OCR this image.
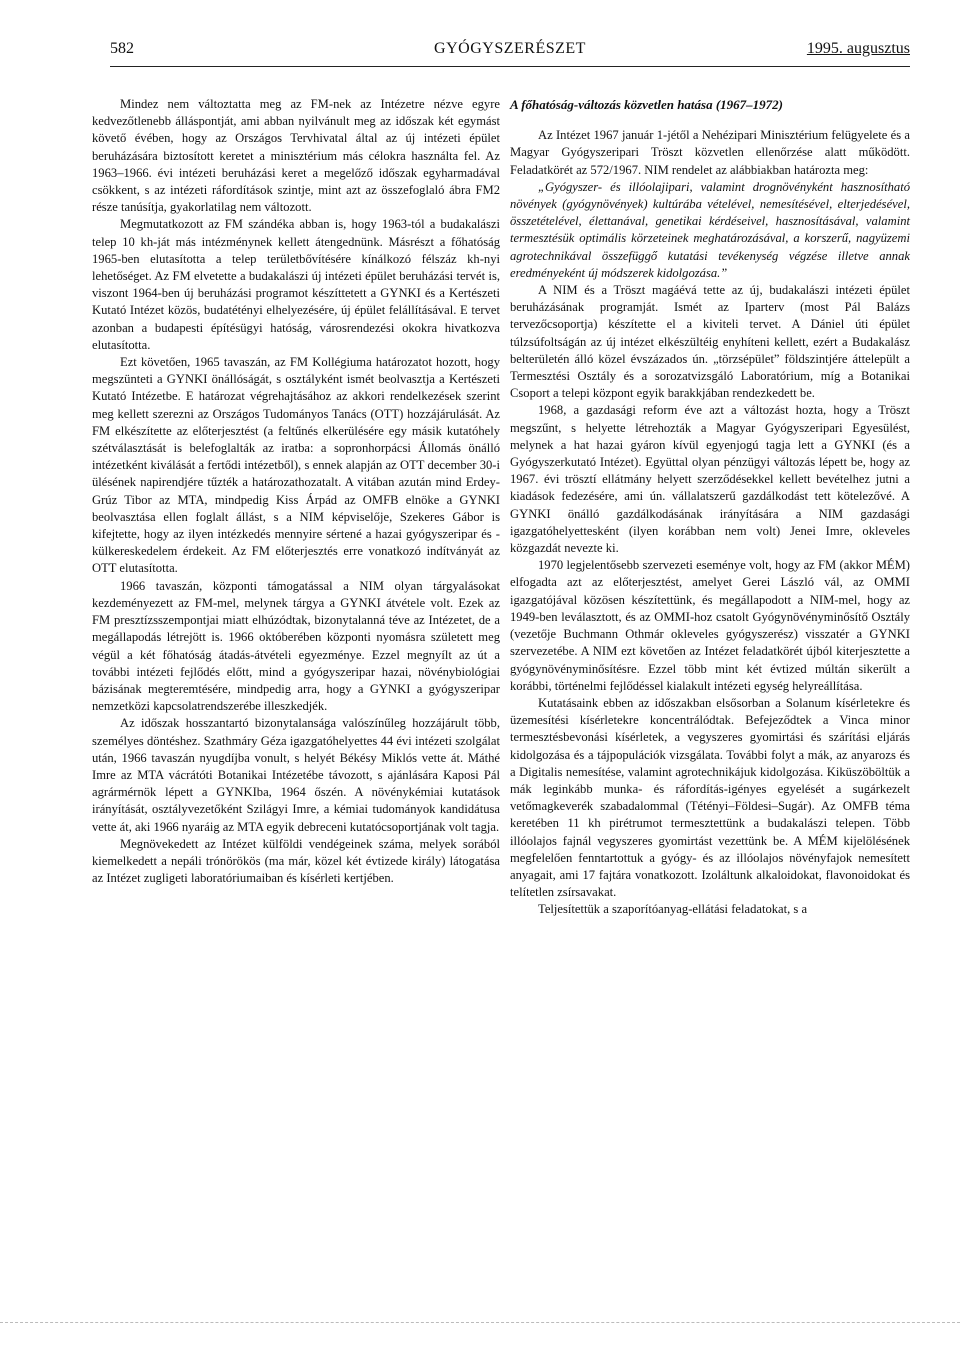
582	GYÓGYSZERÉSZET	1995. augusztus

Mindez nem változtatta meg az FM-nek az Intézetre nézve egyre kedvezőtlenebb álláspontját, ami abban nyilvánult meg az időszak két egymást követő évében, hogy az Országos Tervhivatal által az új intézeti épület beruházására biztosított keretet a minisztérium más célokra használta fel. Az 1963–1966. évi intézeti beruházási keret a megelőző időszak egyharmadával csökkent, s az intézeti ráfordítások szintje, mint azt az összefoglaló ábra FM2 része tanúsítja, gyakorlatilag nem változott.

Megmutatkozott az FM szándéka abban is, hogy 1963-tól a budakalászi telep 10 kh-ját más intézménynek kellett átengednünk. Másrészt a főhatóság 1965-ben elutasította a telep területbővítésére kínálkozó félszáz kh-nyi lehetőséget. Az FM elvetette a budakalászi új intézeti épület beruházási tervét is, viszont 1964-ben új beruházási programot készíttetett a GYNKI és a Kertészeti Kutató Intézet közös, budatétényi elhelyezésére, új épület felállításával. E tervet azonban a budapesti építésügyi hatóság, városrendezési okokra hivatkozva elutasította.

Ezt követően, 1965 tavaszán, az FM Kollégiuma határozatot hozott, hogy megszünteti a GYNKI önállóságát, s osztályként ismét beolvasztja a Kertészeti Kutató Intézetbe. E határozat végrehajtásához az akkori rendelkezések szerint meg kellett szerezni az Országos Tudományos Tanács (OTT) hozzájárulását. Az FM elkészítette az előterjesztést (a feltűnés elkerülésére egy másik kutatóhely szétválasztását is belefoglalták az iratba: a sopronhorpácsi Állomás önálló intézetként kiválását a fertődi intézetből), s ennek alapján az OTT december 30-i ülésének napirendjére tűzték a határozathozatalt. A vitában azután mind Erdey-Grúz Tibor az MTA, mindpedig Kiss Árpád az OMFB elnöke a GYNKI beolvasztása ellen foglalt állást, s a NIM képviselője, Szekeres Gábor is kifejtette, hogy az ilyen intézkedés mennyire sértené a hazai gyógyszeripar és -külkereskedelem érdekeit. Az FM előterjesztés erre vonatkozó indítványát az OTT elutasította.

1966 tavaszán, központi támogatással a NIM olyan tárgyalásokat kezdeményezett az FM-mel, melynek tárgya a GYNKI átvétele volt. Ezek az FM presztízsszempontjai miatt elhúzódtak, bizonytalanná téve az Intézetet, de a megállapodás létrejött is. 1966 októberében központi nyomásra született meg végül a két főhatóság átadás-átvételi egyezménye. Ezzel megnyílt az út a további intézeti fejlődés előtt, mind a gyógyszeripar hazai, növénybiológiai bázisának megteremtésére, mindpedig arra, hogy a GYNKI a gyógyszeripar nemzetközi kapcsolatrendszerébe illeszkedjék.

Az időszak hosszantartó bizonytalansága valószínűleg hozzájárult több, személyes döntéshez. Szathmáry Géza igazgatóhelyettes 44 évi intézeti szolgálat után, 1966 tavaszán nyugdíjba vonult, s helyét Békésy Miklós vette át. Máthé Imre az MTA vácrátóti Botanikai Intézetébe távozott, s ajánlására Kaposi Pál agrármérnök lépett a GYNKIba, 1964 őszén. A növénykémiai kutatások irányítását, osztályvezetőként Szilágyi Imre, a kémiai tudományok kandidátusa vette át, aki 1966 nyaráig az MTA egyik debreceni kutatócsoportjának volt tagja.

Megnövekedett az Intézet külföldi vendégeinek száma, melyek sorából kiemelkedett a nepáli trónörökös (ma már, közel két évtizede király) látogatása az Intézet zugligeti laboratóriumaiban és kísérleti kertjében.

A főhatóság-változás közvetlen hatása (1967–1972)

Az Intézet 1967 január 1-jétől a Nehézipari Minisztérium felügyelete és a Magyar Gyógyszeripari Tröszt közvetlen ellenőrzése alatt működött. Feladatkörét az 572/1967. NIM rendelet az alábbiakban határozta meg:

„Gyógyszer- és illóolajipari, valamint drognövényként hasznosítható növények (gyógynövények) kultúrába vételével, nemesítésével, elterjedésével, összetételével, élettanával, genetikai kérdéseivel, hasznosításával, valamint termesztésük optimális körzeteinek meghatározásával, a korszerű, nagyüzemi agrotechnikával összefüggő kutatási tevékenység végzése illetve annak eredményeként új módszerek kidolgozása.”

A NIM és a Tröszt magáévá tette az új, budakalászi intézeti épület beruházásának programját. Ismét az Iparterv (most Pál Balázs tervezőcsoportja) készítette el a kiviteli tervet. A Dániel úti épület túlzsúfoltságán az új intézet elkészültéig enyhíteni kellett, ezért a Budakalász belterületén álló közel évszázados ún. „törzsépület” földszintjére áttelepült a Termesztési Osztály és a sorozatvizsgáló Laboratórium, míg a Botanikai Csoport a telepi központ egyik barakkjában rendezkedett be.

1968, a gazdasági reform éve azt a változást hozta, hogy a Tröszt megszűnt, s helyette létrehozták a Magyar Gyógyszeripari Egyesülést, melynek a hat hazai gyáron kívül egyenjogú tagja lett a GYNKI (és a Gyógyszerkutató Intézet). Együttal olyan pénzügyi változás lépett be, hogy az 1967. évi trösztí ellátmány helyett szerződésekkel kellett bevételhez jutni a kiadások fedezésére, ami ún. vállalatszerű gazdálkodást tett kötelezővé. A GYNKI önálló gazdálkodásának irányítására a NIM gazdasági igazgatóhelyettesként (ilyen korábban nem volt) Jenei Imre, okleveles közgazdát nevezte ki.

1970 legjelentősebb szervezeti eseménye volt, hogy az FM (akkor MÉM) elfogadta azt az előterjesztést, amelyet Gerei László vál, az OMMI igazgatójával közösen készítettünk, és megállapodott a NIM-mel, hogy az 1949-ben leválasztott, és az OMMI-hoz csatolt Gyógynövényminősítő Osztály (vezetője Buchmann Othmár okleveles gyógyszerész) visszatér a GYNKI szervezetébe. A NIM ezt követően az Intézet feladatkörét újból kiterjesztette a gyógynövényminősítésre. Ezzel több mint két évtized múltán sikerült a korábbi, történelmi fejlődéssel kialakult intézeti egység helyreállítása.

Kutatásaink ebben az időszakban elsősorban a Solanum kísérletekre és üzemesítési kísérletekre koncentrálódtak. Befejeződtek a Vinca minor termesztésbevonási kísérletek, a vegyszeres gyomirtási és szárítási eljárás kidolgozása és a tájpopulációk vizsgálata. További folyt a mák, az anyarozs és a Digitalis nemesítése, valamint agrotechnikájuk kidolgozása. Kiküszöböltük a mák leginkább munka- és ráfordítás-igényes egyelését a sugárkezelt vetőmagkeverék szabadalommal (Tétényi–Földesi–Sugár). Az OMFB téma keretében 11 kh pirétrumot termesztettünk a budakalászi telepen. Több illóolajos fajnál vegyszeres gyomirtást vezettünk be. A MÉM kijelölésének megfelelően fenntartottuk a gyógy- és az illóolajos növényfajok nemesített anyagait, ami 17 fajtára vonatkozott. Izoláltunk alkaloidokat, flavonoidokat és telítetlen zsírsavakat.

Teljesítettük a szaporítóanyag-ellátási feladatokat, s a
